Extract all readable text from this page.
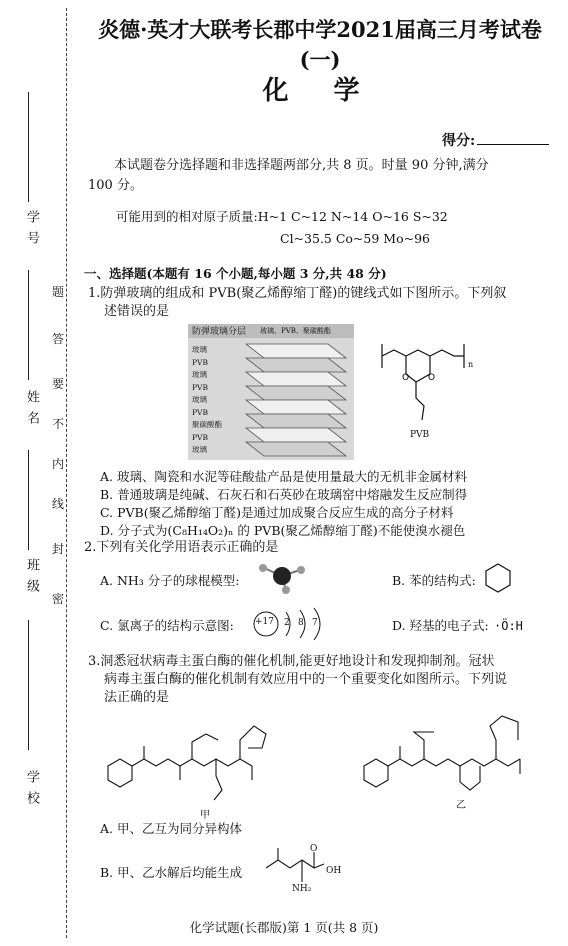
学 号
姓 名
班 级
学 校
密
封
线
内
不
要
答
题
炎德·英才大联考长郡中学2021届高三月考试卷(一)
化 学
得分:
本试题卷分选择题和非选择题两部分,共 8 页。时量 90 分钟,满分
100 分。
可能用到的相对原子质量:H~1 C~12 N~14 O~16 S~32
Cl~35.5 Co~59 Mo~96
一、选择题(本题有 16 个小题,每小题 3 分,共 48 分)
1.防弹玻璃的组成和 PVB(聚乙烯醇缩丁醛)的键线式如下图所示。下列叙
述错误的是
防弹玻璃分层 玻璃、PVB、聚碳酸酯
玻璃
PVB
玻璃
PVB
玻璃
PVB
聚碳酸酯
PVB
玻璃
O O
n
PVB
A. 玻璃、陶瓷和水泥等硅酸盐产品是使用量最大的无机非金属材料
B. 普通玻璃是纯碱、石灰石和石英砂在玻璃窑中熔融发生反应制得
C. PVB(聚乙烯醇缩丁醛)是通过加成聚合反应生成的高分子材料
D. 分子式为(C₈H₁₄O₂)ₙ 的 PVB(聚乙烯醇缩丁醛)不能使溴水褪色
2.下列有关化学用语表示正确的是
A. NH₃ 分子的球棍模型:	B. 苯的结构式:
C. 氯离子的结构示意图: +17 2 8 7	D. 羟基的电子式: ·Ö:H
3.洞悉冠状病毒主蛋白酶的催化机制,能更好地设计和发现抑制剂。冠状
病毒主蛋白酶的催化机制有效应用中的一个重要变化如图所示。下列说
法正确的是
甲
乙
A. 甲、乙互为同分异构体
B. 甲、乙水解后均能生成	OH
O
NH₂
化学试题(长郡版)第 1 页(共 8 页)
